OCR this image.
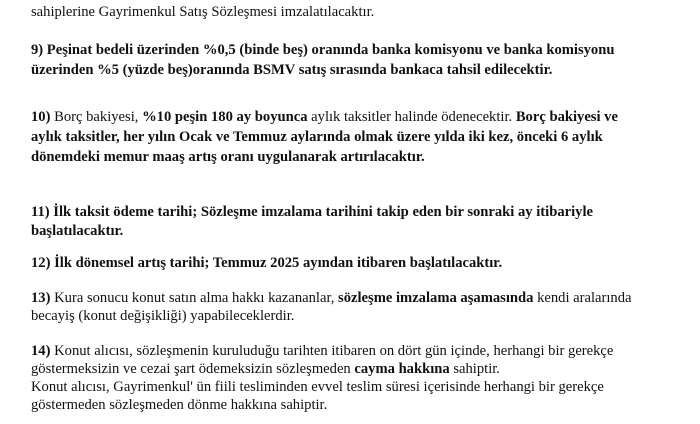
sahiplerine Gayrimenkul Satış Sözleşmesi imzalatılacaktır.
9) Peşinat bedeli üzerinden %0,5 (binde beş) oranında banka komisyonu ve banka komisyonu
üzerinden %5 (yüzde beş)oranında BSMV satış sırasında bankaca tahsil edilecektir.
10) Borç bakiyesi, %10 peşin 180 ay boyunca aylık taksitler halinde ödenecektir. Borç bakiyesi ve
aylık taksitler, her yılın Ocak ve Temmuz aylarında olmak üzere yılda iki kez, önceki 6 aylık
dönemdeki memur maaş artış oranı uygulanarak artırılacaktır.
11) İlk taksit ödeme tarihi; Sözleşme imzalama tarihini takip eden bir sonraki ay itibariyle
başlatılacaktır.
12) İlk dönemsel artış tarihi; Temmuz 2025 ayından itibaren başlatılacaktır.
13) Kura sonucu konut satın alma hakkı kazananlar, sözleşme imzalama aşamasında kendi aralarında
becayiş (konut değişikliği) yapabileceklerdir.
14) Konut alıcısı, sözleşmenin kuruluduğu tarihten itibaren on dört gün içinde, herhangi bir gerekçe
göstermeksizin ve cezai şart ödemeksizin sözleşmeden cayma hakkına sahiptir.
Konut alıcısı, Gayrimenkul' ün fiili tesliminden evvel teslim süresi içerisinde herhangi bir gerekçe
göstermeden sözleşmeden dönme hakkına sahiptir.
